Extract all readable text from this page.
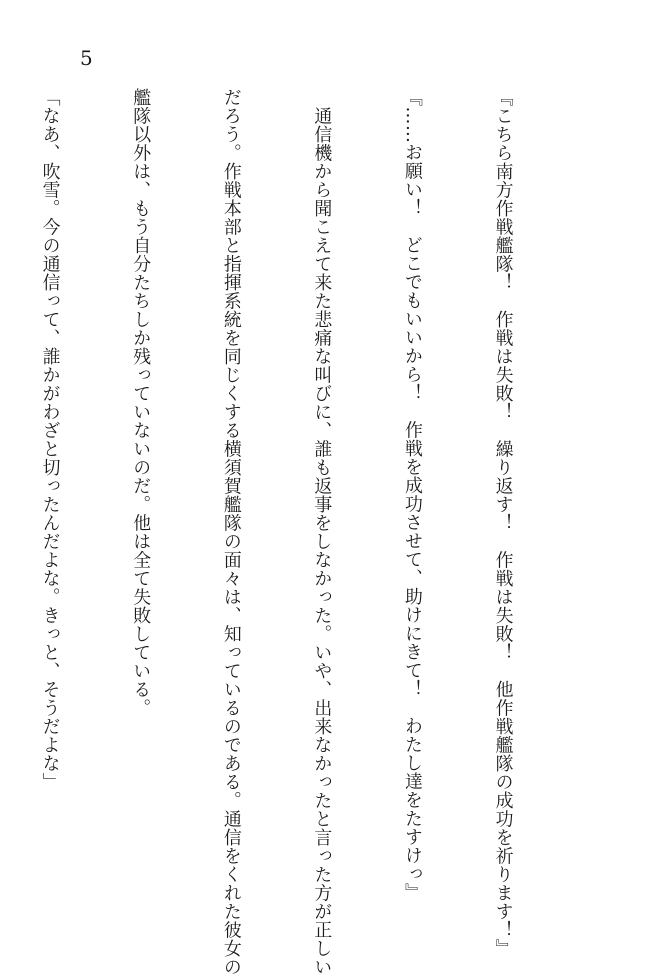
5

『こちら南方作戦艦隊！　作戦は失敗！　繰り返す！　作戦は失敗！　他作戦艦隊の成功を祈ります！』

『……お願い！　どこでもいいから！　作戦を成功させて、助けにきて！　わたし達をたすけっ』

　通信機から聞こえて来た悲痛な叫びに、誰も返事をしなかった。いや、出来なかったと言った方が正しい

だろう。作戦本部と指揮系統を同じくする横須賀艦隊の面々は、知っているのである。通信をくれた彼女の

艦隊以外は、もう自分たちしか残っていないのだ。他は全て失敗している。

「なあ、吹雪。今の通信って、誰かがわざと切ったんだよな。きっと、そうだよな」
